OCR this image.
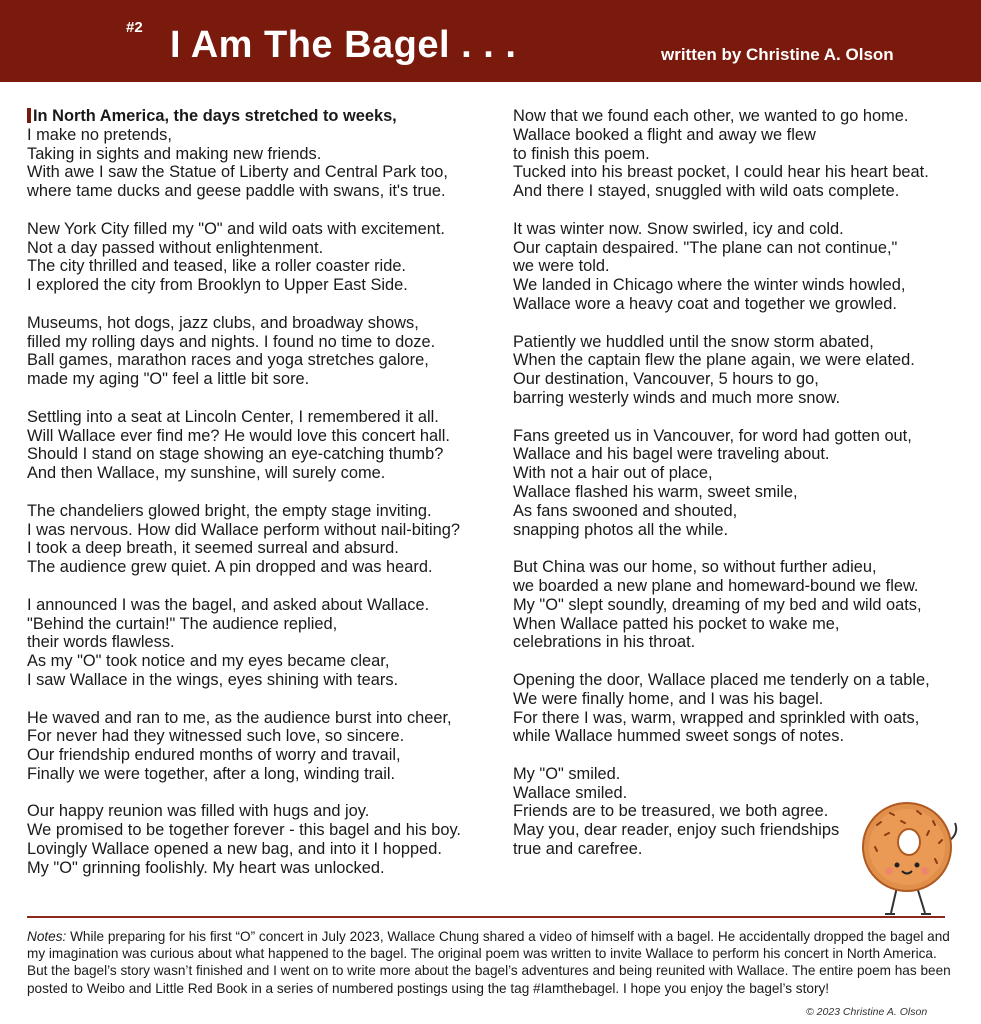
#2 I Am The Bagel . . .	written by Christine A. Olson
In North America, the days stretched to weeks,
I make no pretends,
Taking in sights and making new friends.
With awe I saw the Statue of Liberty and Central Park too,
where tame ducks and geese paddle with swans, it's true.
New York City filled my "O" and wild oats with excitement.
Not a day passed without enlightenment.
The city thrilled and teased, like a roller coaster ride.
I explored the city from Brooklyn to Upper East Side.
Museums, hot dogs, jazz clubs, and broadway shows,
filled my rolling days and nights. I found no time to doze.
Ball games, marathon races and yoga stretches galore,
made my aging "O" feel a little bit sore.
Settling into a seat at Lincoln Center, I remembered it all.
Will Wallace ever find me? He would love this concert hall.
Should I stand on stage showing an eye-catching thumb?
And then Wallace, my sunshine, will surely come.
The chandeliers glowed bright, the empty stage inviting.
I was nervous. How did Wallace perform without nail-biting?
I took a deep breath, it seemed surreal and absurd.
The audience grew quiet. A pin dropped and was heard.
I announced I was the bagel, and asked about Wallace.
"Behind the curtain!" The audience replied,
their words flawless.
As my "O" took notice and my eyes became clear,
I saw Wallace in the wings, eyes shining with tears.
He waved and ran to me, as the audience burst into cheer,
For never had they witnessed such love, so sincere.
Our friendship endured months of worry and travail,
Finally we were together, after a long, winding trail.
Our happy reunion was filled with hugs and joy.
We promised to be together forever - this bagel and his boy.
Lovingly Wallace opened a new bag, and into it I hopped.
My "O" grinning foolishly. My heart was unlocked.
Now that we found each other, we wanted to go home.
Wallace booked a flight and away we flew
to finish this poem.
Tucked into his breast pocket, I could hear his heart beat.
And there I stayed, snuggled with wild oats complete.
It was winter now. Snow swirled, icy and cold.
Our captain despaired. "The plane can not continue,"
we were told.
We landed in Chicago where the winter winds howled,
Wallace wore a heavy coat and together we growled.
Patiently we huddled until the snow storm abated,
When the captain flew the plane again, we were elated.
Our destination, Vancouver, 5 hours to go,
barring westerly winds and much more snow.
Fans greeted us in Vancouver, for word had gotten out,
Wallace and his bagel were traveling about.
With not a hair out of place,
Wallace flashed his warm, sweet smile,
As fans swooned and shouted,
snapping photos all the while.
But China was our home, so without further adieu,
we boarded a new plane and homeward-bound we flew.
My "O" slept soundly, dreaming of my bed and wild oats,
When Wallace patted his pocket to wake me,
celebrations in his throat.
Opening the door, Wallace placed me tenderly on a table,
We were finally home, and I was his bagel.
For there I was, warm, wrapped and sprinkled with oats,
while Wallace hummed sweet songs of notes.
My "O" smiled.
Wallace smiled.
Friends are to be treasured, we both agree.
May you, dear reader, enjoy such friendships
true and carefree.
Notes: While preparing for his first “O” concert in July 2023, Wallace Chung shared a video of himself with a bagel. He accidentally dropped the bagel and my imagination was curious about what happened to the bagel. The original poem was written to invite Wallace to perform his concert in North America. But the bagel’s story wasn’t finished and I went on to write more about the bagel’s adventures and being reunited with Wallace. The entire poem has been posted to Weibo and Little Red Book in a series of numbered postings using the tag #Iamthebagel. I hope you enjoy the bagel’s story!
© 2023 Christine A. Olson
